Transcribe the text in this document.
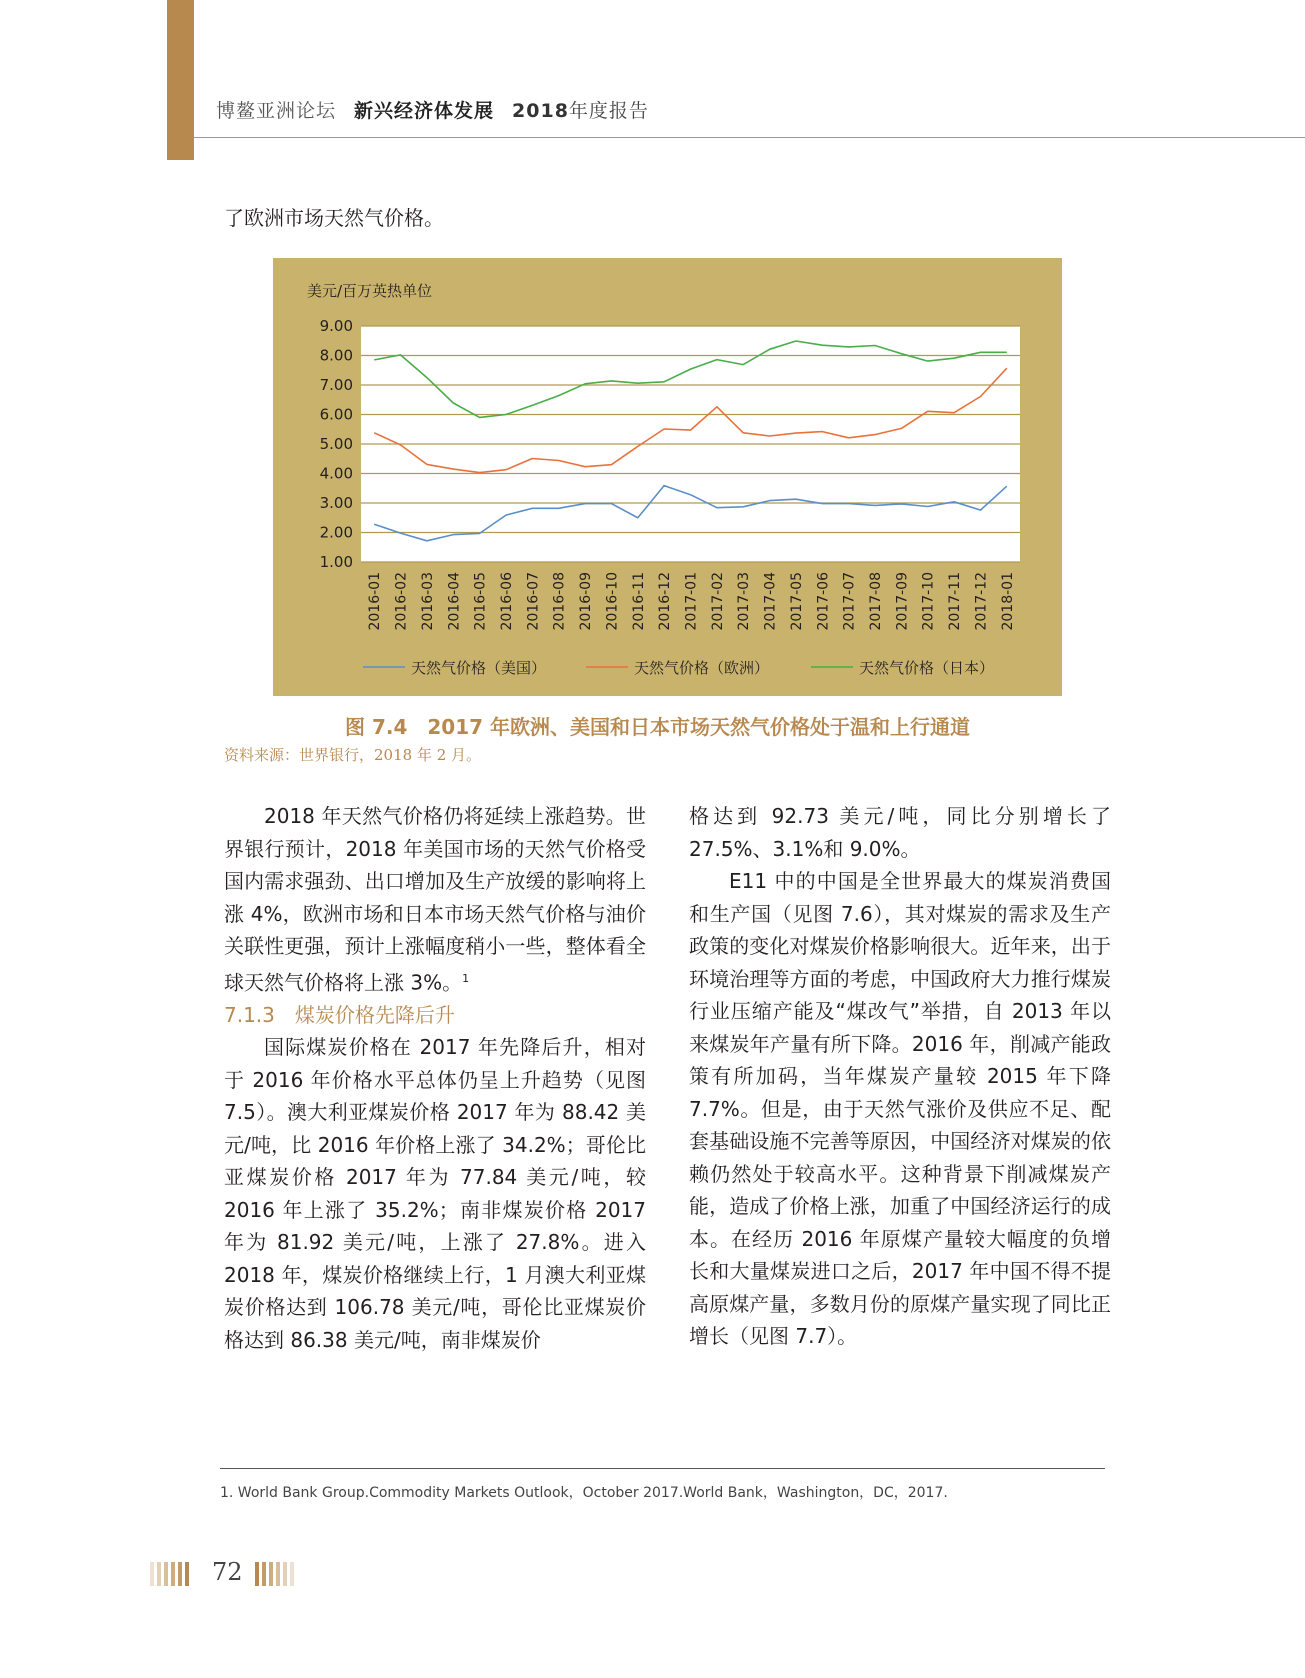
博鳌亚洲论坛 新兴经济体发展 2018年度报告
了欧洲市场天然气价格。
美元/百万英热单位
9.00
8.00
7.00
6.00
5.00
4.00
3.00
2.00
1.00
2016-01 2016-02 2016-03 2016-04 2016-05 2016-06 2016-07 2016-08 2016-09 2016-10 2016-11 2016-12 2017-01 2017-02 2017-03 2017-04 2017-05 2017-06 2017-07 2017-08 2017-09 2017-10 2017-11 2017-12 2018-01
天然气价格（美国）	天然气价格（欧洲）	天然气价格（日本）
图 7.4　2017 年欧洲、美国和日本市场天然气价格处于温和上行通道
资料来源：世界银行，2018 年 2 月。

2018 年天然气价格仍将延续上涨趋势。世界银行预计，2018 年美国市场的天然气价格受国内需求强劲、出口增加及生产放缓的影响将上涨 4%，欧洲市场和日本市场天然气价格与油价关联性更强，预计上涨幅度稍小一些，整体看全球天然气价格将上涨 3%。$^1$

7.1.3　煤炭价格先降后升

国际煤炭价格在 2017 年先降后升，相对于 2016 年价格水平总体仍呈上升趋势（见图 7.5）。澳大利亚煤炭价格 2017 年为 88.42 美元/吨，比 2016 年价格上涨了 34.2%；哥伦比亚煤炭价格 2017 年为 77.84 美元/吨，较 2016 年上涨了 35.2%；南非煤炭价格 2017 年为 81.92 美元/吨，上涨了 27.8%。进入 2018 年，煤炭价格继续上行，1 月澳大利亚煤炭价格达到 106.78 美元/吨，哥伦比亚煤炭价格达到 86.38 美元/吨，南非煤炭价

格达到 92.73 美元/吨，同比分别增长了 27.5%、3.1%和 9.0%。

E11 中的中国是全世界最大的煤炭消费国和生产国（见图 7.6），其对煤炭的需求及生产政策的变化对煤炭价格影响很大。近年来，出于环境治理等方面的考虑，中国政府大力推行煤炭行业压缩产能及“煤改气”举措，自 2013 年以来煤炭年产量有所下降。2016 年，削减产能政策有所加码，当年煤炭产量较 2015 年下降 7.7%。但是，由于天然气涨价及供应不足、配套基础设施不完善等原因，中国经济对煤炭的依赖仍然处于较高水平。这种背景下削减煤炭产能，造成了价格上涨，加重了中国经济运行的成本。在经历 2016 年原煤产量较大幅度的负增长和大量煤炭进口之后，2017 年中国不得不提高原煤产量，多数月份的原煤产量实现了同比正增长（见图 7.7）。

1. World Bank Group.Commodity Markets Outlook，October 2017.World Bank，Washington，DC，2017.
72
